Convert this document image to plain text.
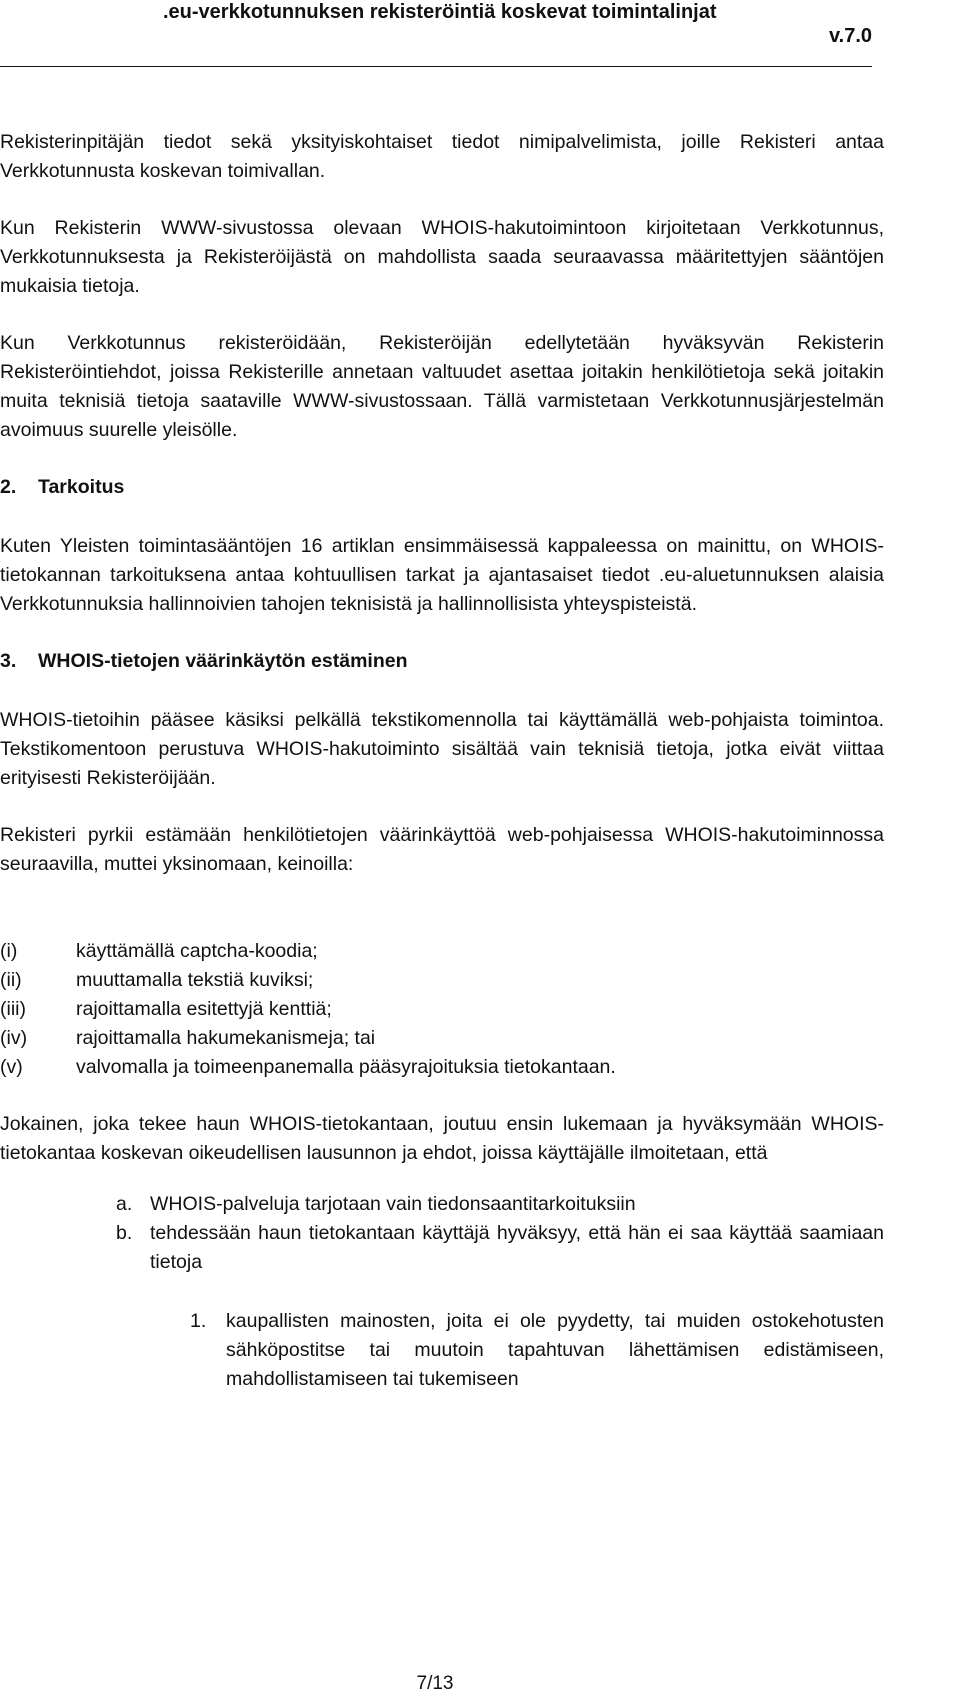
.eu-verkkotunnuksen rekisteröintiä koskevat toimintalinjat
v.7.0

Rekisterinpitäjän tiedot sekä yksityiskohtaiset tiedot nimipalvelimista, joille Rekisteri antaa Verkkotunnusta koskevan toimivallan.

Kun Rekisterin WWW-sivustossa olevaan WHOIS-hakutoimintoon kirjoitetaan Verkkotunnus, Verkkotunnuksesta ja Rekisteröijästä on mahdollista saada seuraavassa määritettyjen sääntöjen mukaisia tietoja.

Kun Verkkotunnus rekisteröidään, Rekisteröijän edellytetään hyväksyvän Rekisterin Rekisteröintiehdot, joissa Rekisterille annetaan valtuudet asettaa joitakin henkilötietoja sekä joitakin muita teknisiä tietoja saataville WWW-sivustossaan. Tällä varmistetaan Verkkotunnusjärjestelmän avoimuus suurelle yleisölle.

2. Tarkoitus

Kuten Yleisten toimintasääntöjen 16 artiklan ensimmäisessä kappaleessa on mainittu, on WHOIS-tietokannan tarkoituksena antaa kohtuullisen tarkat ja ajantasaiset tiedot .eu-aluetunnuksen alaisia Verkkotunnuksia hallinnoivien tahojen teknisistä ja hallinnollisista yhteyspisteistä.

3. WHOIS-tietojen väärinkäytön estäminen

WHOIS-tietoihin pääsee käsiksi pelkällä tekstikomennolla tai käyttämällä web-pohjaista toimintoa. Tekstikomentoon perustuva WHOIS-hakutoiminto sisältää vain teknisiä tietoja, jotka eivät viittaa erityisesti Rekisteröijään.

Rekisteri pyrkii estämään henkilötietojen väärinkäyttöä web-pohjaisessa WHOIS-hakutoiminnossa seuraavilla, muttei yksinomaan, keinoilla:

(i)	käyttämällä captcha-koodia;
(ii)	muuttamalla tekstiä kuviksi;
(iii)	rajoittamalla esitettyjä kenttiä;
(iv)	rajoittamalla hakumekanismeja; tai
(v)	valvomalla ja toimeenpanemalla pääsyrajoituksia tietokantaan.

Jokainen, joka tekee haun WHOIS-tietokantaan, joutuu ensin lukemaan ja hyväksymään WHOIS-tietokantaa koskevan oikeudellisen lausunnon ja ehdot, joissa käyttäjälle ilmoitetaan, että

a. WHOIS-palveluja tarjotaan vain tiedonsaantitarkoituksiin
b. tehdessään haun tietokantaan käyttäjä hyväksyy, että hän ei saa käyttää saamiaan tietoja
1.	kaupallisten mainosten, joita ei ole pyydetty, tai muiden ostokehotusten sähköpostitse tai muutoin tapahtuvan lähettämisen edistämiseen, mahdollistamiseen tai tukemiseen
7/13
